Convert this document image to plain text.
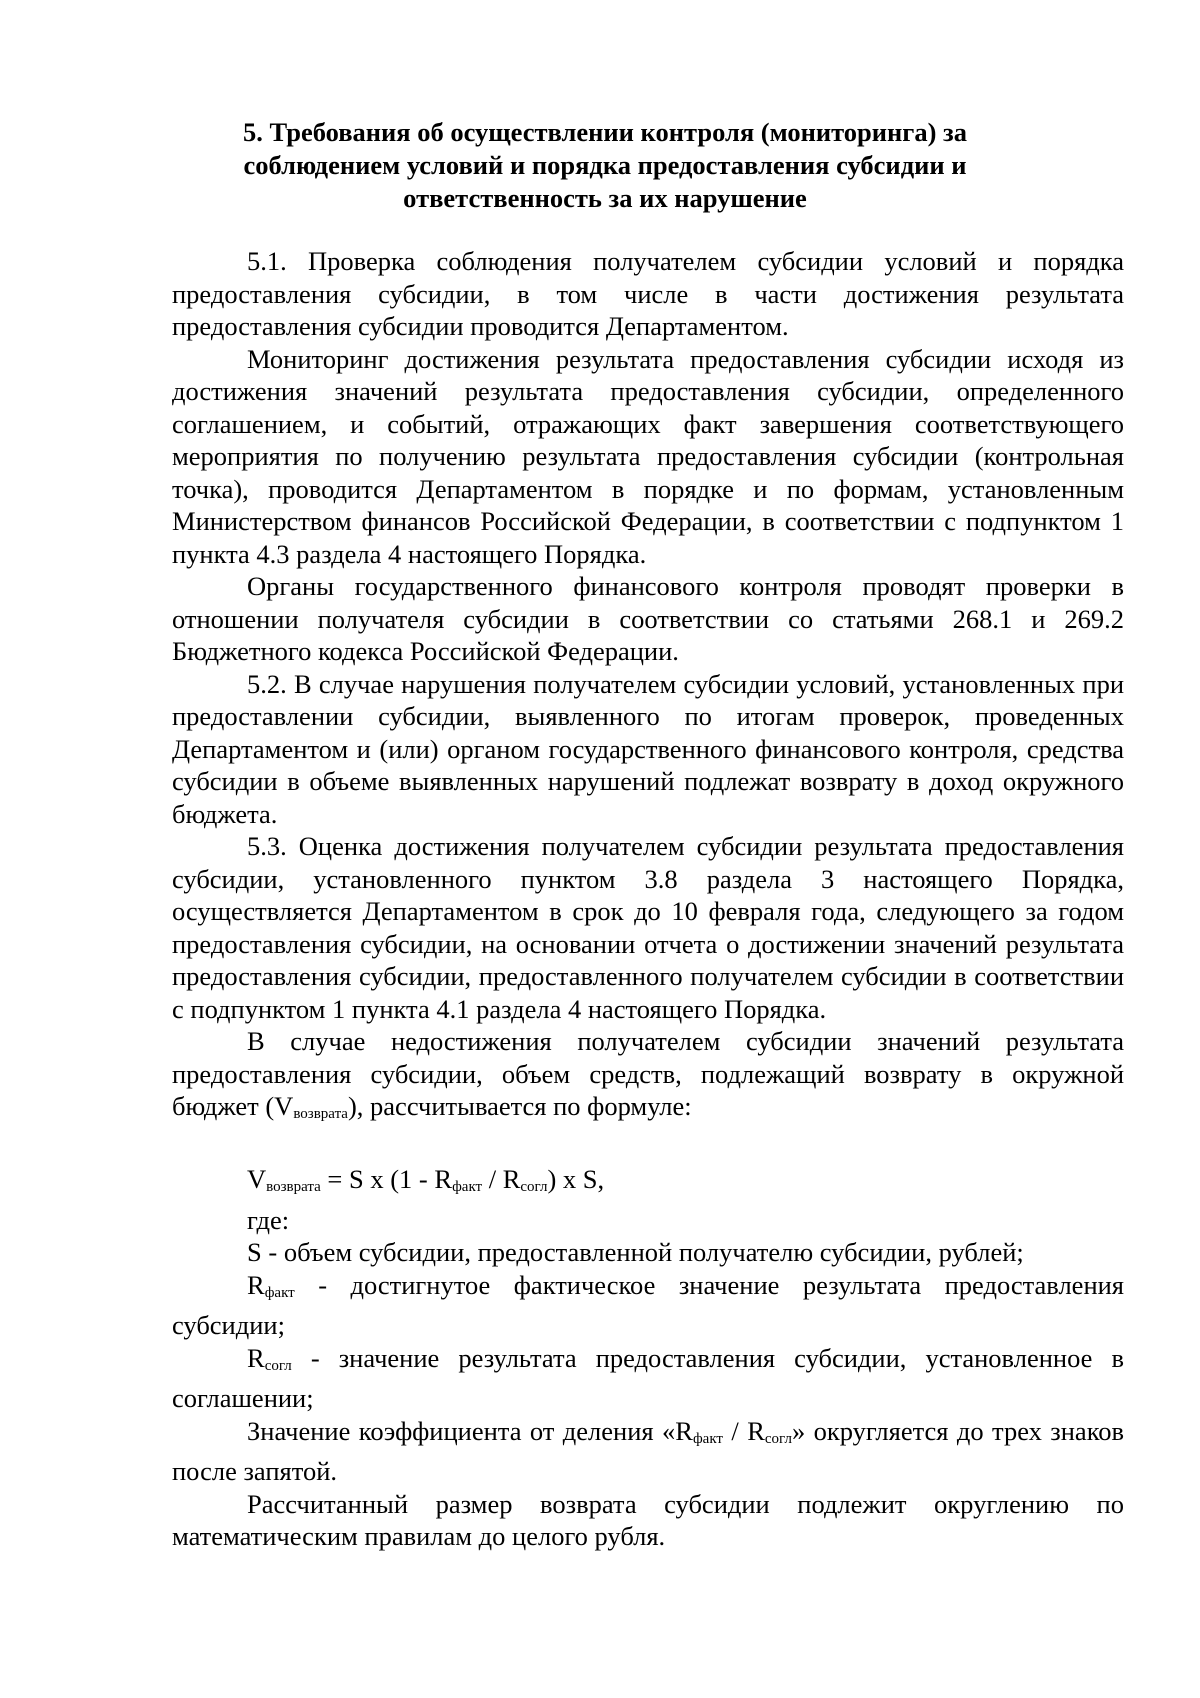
5. Требования об осуществлении контроля (мониторинга) за
соблюдением условий и порядка предоставления субсидии и
ответственность за их нарушение

5.1. Проверка соблюдения получателем субсидии условий и порядка предоставления субсидии, в том числе в части достижения результата предоставления субсидии проводится Департаментом.

Мониторинг достижения результата предоставления субсидии исходя из достижения значений результата предоставления субсидии, определенного соглашением, и событий, отражающих факт завершения соответствующего мероприятия по получению результата предоставления субсидии (контрольная точка), проводится Департаментом в порядке и по формам, установленным Министерством финансов Российской Федерации, в соответствии с подпунктом 1 пункта 4.3 раздела 4 настоящего Порядка.

Органы государственного финансового контроля проводят проверки в отношении получателя субсидии в соответствии со статьями 268.1 и 269.2 Бюджетного кодекса Российской Федерации.

5.2. В случае нарушения получателем субсидии условий, установленных при предоставлении субсидии, выявленного по итогам проверок, проведенных Департаментом и (или) органом государственного финансового контроля, средства субсидии в объеме выявленных нарушений подлежат возврату в доход окружного бюджета.

5.3. Оценка достижения получателем субсидии результата предоставления субсидии, установленного пунктом 3.8 раздела 3 настоящего Порядка, осуществляется Департаментом в срок до 10 февраля года, следующего за годом предоставления субсидии, на основании отчета о достижении значений результата предоставления субсидии, предоставленного получателем субсидии в соответствии с подпунктом 1 пункта 4.1 раздела 4 настоящего Порядка.

В случае недостижения получателем субсидии значений результата предоставления субсидии, объем средств, подлежащий возврату в окружной бюджет $(V_{возврата})$, рассчитывается по формуле:

$V_{возврата} = S$ x $(1 - R_{факт} / R_{согл})$ x S,

где:

S - объем субсидии, предоставленной получателю субсидии, рублей;

$R_{факт}$ - достигнутое фактическое значение результата предоставления субсидии;

$R_{согл}$ - значение результата предоставления субсидии, установленное в соглашении;

Значение коэффициента от деления «$R_{факт} / R_{согл}$» округляется до трех знаков после запятой.

Рассчитанный размер возврата субсидии подлежит округлению по математическим правилам до целого рубля.
